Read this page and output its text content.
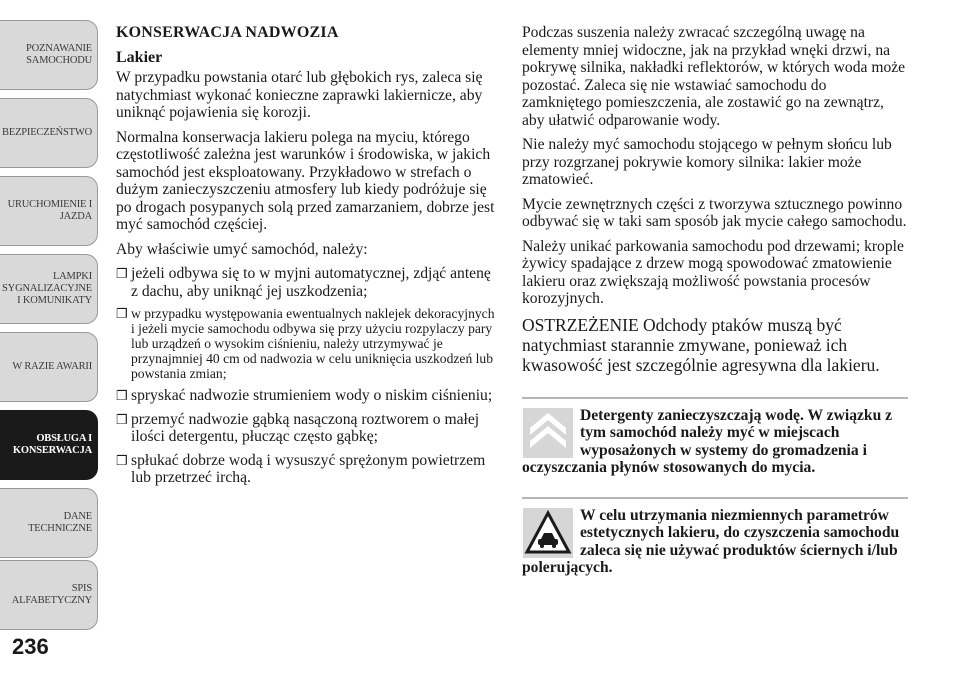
POZNAWANIE
SAMOCHODU
BEZPIECZEŃSTWO
URUCHOMIENIE I
JAZDA
LAMPKI
SYGNALIZACYJNE
I KOMUNIKATY
W RAZIE AWARII
OBSŁUGA I
KONSERWACJA
DANE
TECHNICZNE
SPIS
ALFABETYCZNY
236
KONSERWACJA NADWOZIA
Lakier

W przypadku powstania otarć lub głębokich rys, zaleca się natychmiast wykonać konieczne zaprawki lakiernicze, aby uniknąć pojawienia się korozji.

Normalna konserwacja lakieru polega na myciu, którego częstotliwość zależna jest warunków i środowiska, w jakich samochód jest eksploatowany. Przykładowo w strefach o dużym zanieczyszczeniu atmosfery lub kiedy podróżuje się po drogach posypanych solą przed zamarzaniem, dobrze jest myć samochód częściej.

Aby właściwie umyć samochód, należy:

❒ jeżeli odbywa się to w myjni automatycznej, zdjąć antenę z dachu, aby uniknąć jej uszkodzenia;
❒ w przypadku występowania ewentualnych naklejek dekoracyjnych i jeżeli mycie samochodu odbywa się przy użyciu rozpylaczy pary lub urządzeń o wysokim ciśnieniu, należy utrzymywać je przynajmniej 40 cm od nadwozia w celu uniknięcia uszkodzeń lub powstania zmian;
❒ spryskać nadwozie strumieniem wody o niskim ciśnieniu;
❒ przemyć nadwozie gąbką nasączoną roztworem o małej ilości detergentu, płucząc często gąbkę;
❒ spłukać dobrze wodą i wysuszyć sprężonym powietrzem lub przetrzeć irchą.

Podczas suszenia należy zwracać szczególną uwagę na elementy mniej widoczne, jak na przykład wnęki drzwi, na pokrywę silnika, nakładki reflektorów, w których woda może pozostać. Zaleca się nie wstawiać samochodu do zamkniętego pomieszczenia, ale zostawić go na zewnątrz, aby ułatwić odparowanie wody.

Nie należy myć samochodu stojącego w pełnym słońcu lub przy rozgrzanej pokrywie komory silnika: lakier może zmatowieć.

Mycie zewnętrznych części z tworzywa sztucznego powinno odbywać się w taki sam sposób jak mycie całego samochodu.

Należy unikać parkowania samochodu pod drzewami; krople żywicy spadające z drzew mogą spowodować zmatowienie lakieru oraz zwiększają możliwość powstania procesów korozyjnych.

OSTRZEŻENIE Odchody ptaków muszą być natychmiast starannie zmywane, ponieważ ich kwasowość jest szczególnie agresywna dla lakieru.

Detergenty zanieczyszczają wodę. W związku z tym samochód należy myć w miejscach wyposażonych w systemy do gromadzenia i oczyszczania płynów stosowanych do mycia.
W celu utrzymania niezmiennych parametrów estetycznych lakieru, do czyszczenia samochodu zaleca się nie używać produktów ściernych i/lub polerujących.
